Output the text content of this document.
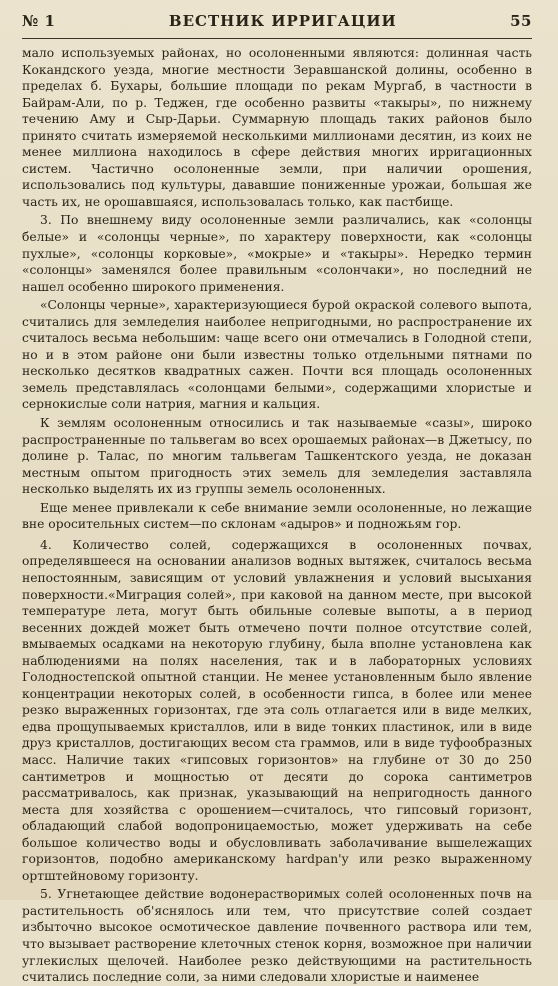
№ 1	ВЕСТНИК ИРРИГАЦИИ	55

мало используемых районах, но осолоненными являются: долинная часть Кокандского уезда, многие местности Зеравшанской долины, особенно в пределах б. Бухары, большие площади по рекам Мургаб, в частности в Байрам-Али, по р. Теджен, где особенно развиты «такыры», по нижнему течению Аму и Сыр-Дарьи. Суммарную площадь таких районов было принято считать измеряемой несколькими миллионами десятин, из коих не менее миллиона находилось в сфере действия многих ирригационных систем. Частично осолоненные земли, при наличии орошения, использовались под культуры, дававшие пониженные урожаи, большая же часть их, не орошавшаяся, использовалась только, как пастбище.

3. По внешнему виду осолоненные земли различались, как «солонцы белые» и «солонцы черные», по характеру поверхности, как «солонцы пухлые», «солонцы корковые», «мокрые» и «такыры». Нередко термин «солонцы» заменялся более правильным «солончаки», но последний не нашел особенно широкого применения.

«Солонцы черные», характеризующиеся бурой окраской солевого выпота, считались для земледелия наиболее непригодными, но распространение их считалось весьма небольшим: чаще всего они отмечались в Голодной степи, но и в этом районе они были известны только отдельными пятнами по несколько десятков квадратных сажен. Почти вся площадь осолоненных земель представлялась «солонцами белыми», содержащими хлористые и сернокислые соли натрия, магния и кальция.

К землям осолоненным относились и так называемые «сазы», широко распространенные по тальвегам во всех орошаемых районах—в Джетысу, по долине р. Талас, по многим тальвегам Ташкентского уезда, не доказан местным опытом пригодность этих земель для земледелия заставляла несколько выделять их из группы земель осолоненных.

Еще менее привлекали к себе внимание земли осолоненные, но лежащие вне оросительных систем—по склонам «адыров» и подножьям гор.

4. Количество солей, содержащихся в осолоненных почвах, определявшееся на основании анализов водных вытяжек, считалось весьма непостоянным, зависящим от условий увлажнения и условий высыхания поверхности.«Миграция солей», при каковой на данном месте, при высокой температуре лета, могут быть обильные солевые выпоты, а в период весенних дождей может быть отмечено почти полное отсутствие солей, вмываемых осадками на некоторую глубину, была вполне установлена как наблюдениями на полях населения, так и в лабораторных условиях Голодностепской опытной станции. Не менее установленным было явление концентрации некоторых солей, в особенности гипса, в более или менее резко выраженных горизонтах, где эта соль отлагается или в виде мелких, едва прощупываемых кристаллов, или в виде тонких пластинок, или в виде друз кристаллов, достигающих весом ста граммов, или в виде туфообразных масс. Наличие таких «гипсовых горизонтов» на глубине от 30 до 250 сантиметров и мощностью от десяти до сорока сантиметров рассматривалось, как признак, указывающий на непригодность данного места для хозяйства с орошением—считалось, что гипсовый горизонт, обладающий слабой водопроницаемостью, может удерживать на себе большое количество воды и обусловливать заболачивание вышележащих горизонтов, подобно американскому hardpan'у или резко выраженному ортштейновому горизонту.

5. Угнетающее действие водонерастворимых солей осолоненных почв на растительность об'яснялось или тем, что присутствие солей создает избыточно высокое осмотическое давление почвенного раствора или тем, что вызывает растворение клеточных стенок корня, возможное при наличии углекислых щелочей. Наиболее резко действующими на растительность считались последние соли, за ними следовали хлористые и наименее
